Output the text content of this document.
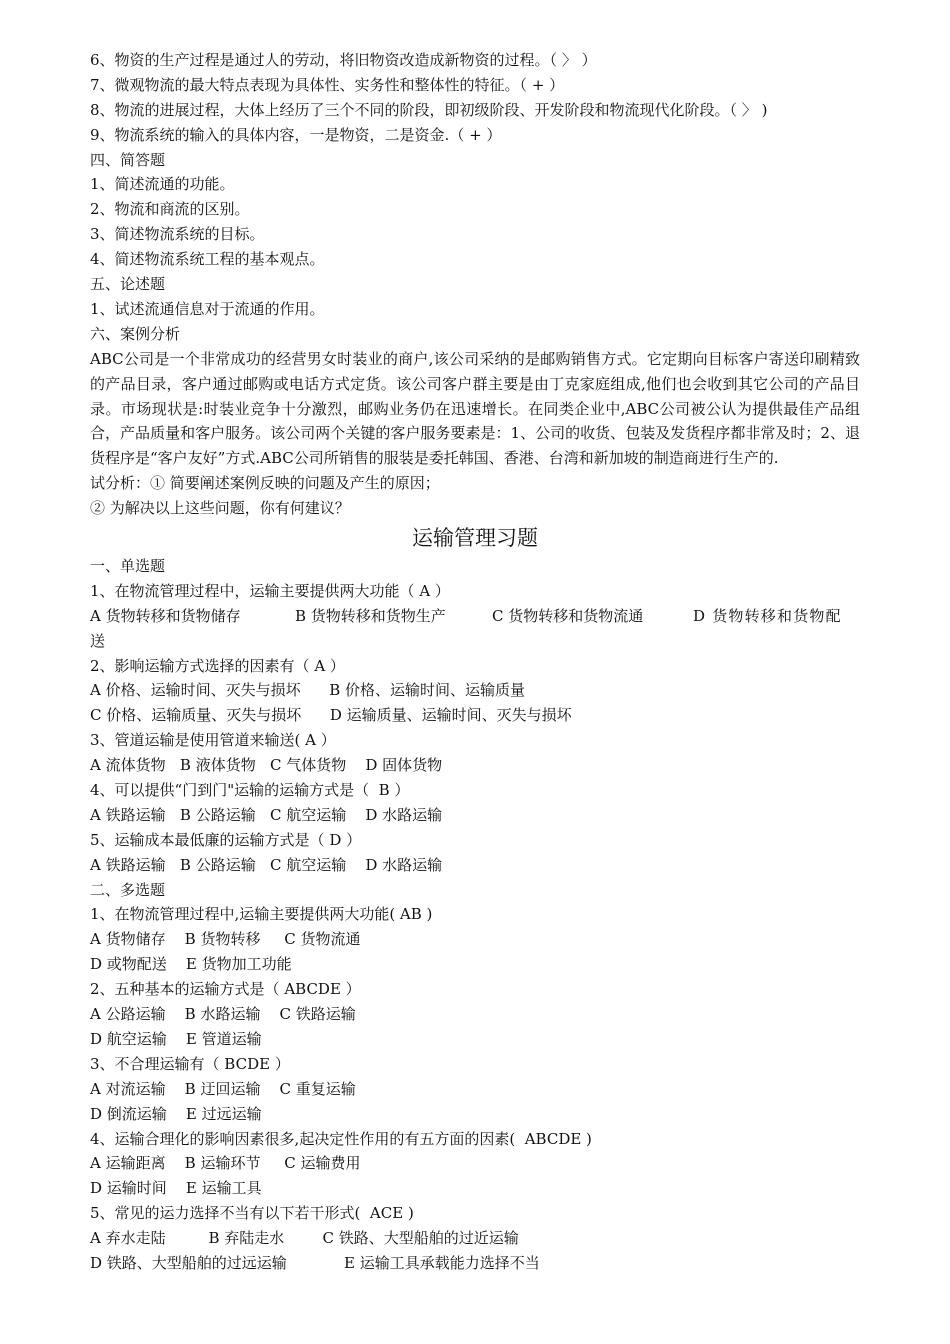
6、物资的生产过程是通过人的劳动，将旧物资改造成新物资的过程。（ 〉 ）
7、微观物流的最大特点表现为具体性、实务性和整体性的特征。（ + ）
8、物流的进展过程，大体上经历了三个不同的阶段，即初级阶段、开发阶段和物流现代化阶段。（ 〉 )
9、物流系统的输入的具体内容，一是物资，二是资金.（ + ）
四、简答题
1、简述流通的功能。
2、物流和商流的区别。
3、简述物流系统的目标。
4、简述物流系统工程的基本观点。
五、论述题
1、试述流通信息对于流通的作用。
六、案例分析
ABC公司是一个非常成功的经营男女时装业的商户,该公司采纳的是邮购销售方式。它定期向目标客户寄送印刷精致的产品目录，客户通过邮购或电话方式定货。该公司客户群主要是由丁克家庭组成,他们也会收到其它公司的产品目录。市场现状是:时装业竞争十分激烈，邮购业务仍在迅速增长。在同类企业中,ABC公司被公认为提供最佳产品组合，产品质量和客户服务。该公司两个关键的客户服务要素是：1、公司的收货、包装及发货程序都非常及时；2、退货程序是“客户友好”方式.ABC公司所销售的服装是委托韩国、香港、台湾和新加坡的制造商进行生产的.
试分析：① 简要阐述案例反映的问题及产生的原因；
② 为解决以上这些问题，你有何建议？
运输管理习题
一、单选题
1、在物流管理过程中，运输主要提供两大功能（ A ）
A 货物转移和货物储存	B 货物转移和货物生产	C 货物转移和货物流通	D 货物转移和货物配
送
2、影响运输方式选择的因素有（ A ）
A 价格、运输时间、灭失与损坏      B 价格、运输时间、运输质量
C 价格、运输质量、灭失与损坏      D 运输质量、运输时间、灭失与损坏
3、管道运输是使用管道来输送( A ）
A 流体货物   B 液体货物   C 气体货物    D 固体货物
4、可以提供“门到门"运输的运输方式是（  B ）
A 铁路运输   B 公路运输   C 航空运输    D 水路运输
5、运输成本最低廉的运输方式是（ D ）
A 铁路运输   B 公路运输   C 航空运输    D 水路运输
二、多选题
1、在物流管理过程中,运输主要提供两大功能( AB )
A 货物储存    B 货物转移     C 货物流通
D 或物配送    E 货物加工功能
2、五种基本的运输方式是（ ABCDE ）
A 公路运输    B 水路运输    C 铁路运输
D 航空运输    E 管道运输
3、不合理运输有（ BCDE ）
A 对流运输    B 迂回运输    C 重复运输
D 倒流运输    E 过远运输
4、运输合理化的影响因素很多,起决定性作用的有五方面的因素(  ABCDE )
A 运输距离    B 运输环节     C 运输费用
D 运输时间    E 运输工具
5、常见的运力选择不当有以下若干形式(  ACE )
A 弃水走陆         B 弃陆走水        C 铁路、大型船舶的过近运输
D 铁路、大型船舶的过远运输            E 运输工具承载能力选择不当
